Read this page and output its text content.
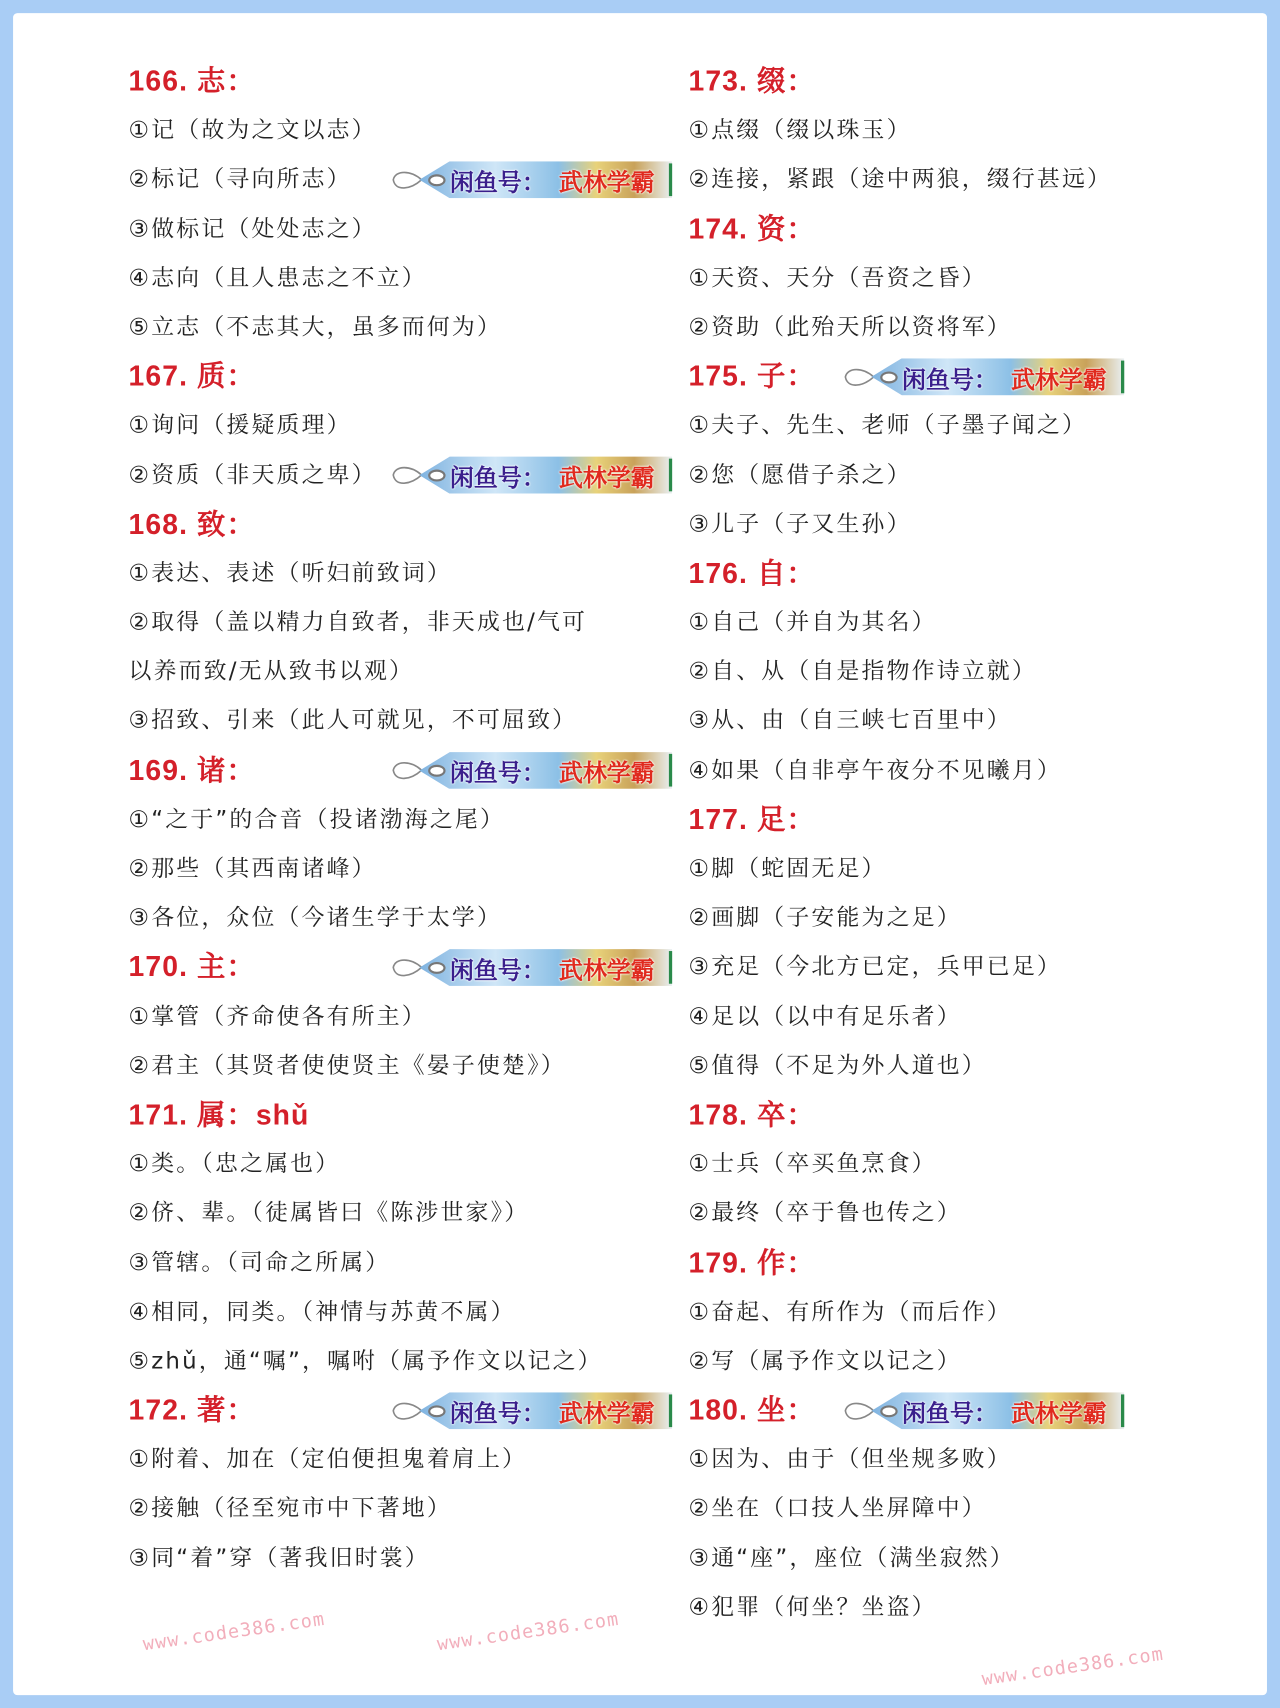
166. 志：
①记（故为之文以志）
②标记（寻向所志）
③做标记（处处志之）
④志向（且人患志之不立）
⑤立志（不志其大，虽多而何为）
167. 质：
①询问（援疑质理）
②资质（非天质之卑）
168. 致：
①表达、表述（听妇前致词）
②取得（盖以精力自致者，非天成也/气可
以养而致/无从致书以观）
③招致、引来（此人可就见，不可屈致）
169. 诸：
①“之于”的合音（投诸渤海之尾）
②那些（其西南诸峰）
③各位，众位（今诸生学于太学）
170. 主：
①掌管（齐命使各有所主）
②君主（其贤者使使贤主《晏子使楚》）
171. 属：shǔ
①类。（忠之属也）
②侪、辈。（徒属皆曰《陈涉世家》）
③管辖。（司命之所属）
④相同，同类。（神情与苏黄不属）
⑤zhǔ，通“嘱”，嘱咐（属予作文以记之）
172. 著：
①附着、加在（定伯便担鬼着肩上）
②接触（径至宛市中下著地）
③同“着”穿（著我旧时裳）
173. 缀：
①点缀（缀以珠玉）
②连接，紧跟（途中两狼，缀行甚远）
174. 资：
①天资、天分（吾资之昏）
②资助（此殆天所以资将军）
175. 子：
①夫子、先生、老师（子墨子闻之）
②您（愿借子杀之）
③儿子（子又生孙）
176. 自：
①自己（并自为其名）
②自、从（自是指物作诗立就）
③从、由（自三峡七百里中）
④如果（自非亭午夜分不见曦月）
177. 足：
①脚（蛇固无足）
②画脚（子安能为之足）
③充足（今北方已定，兵甲已足）
④足以（以中有足乐者）
⑤值得（不足为外人道也）
178. 卒：
①士兵（卒买鱼烹食）
②最终（卒于鲁也传之）
179. 作：
①奋起、有所作为（而后作）
②写（属予作文以记之）
180. 坐：
①因为、由于（但坐规多败）
②坐在（口技人坐屏障中）
③通“座”，座位（满坐寂然）
④犯罪（何坐？坐盗）
www.code386.com	www.code386.com
www.code386.com
闲鱼号： 武林学霸
闲鱼号： 武林学霸
闲鱼号： 武林学霸
闲鱼号： 武林学霸
闲鱼号： 武林学霸
闲鱼号： 武林学霸
闲鱼号： 武林学霸
